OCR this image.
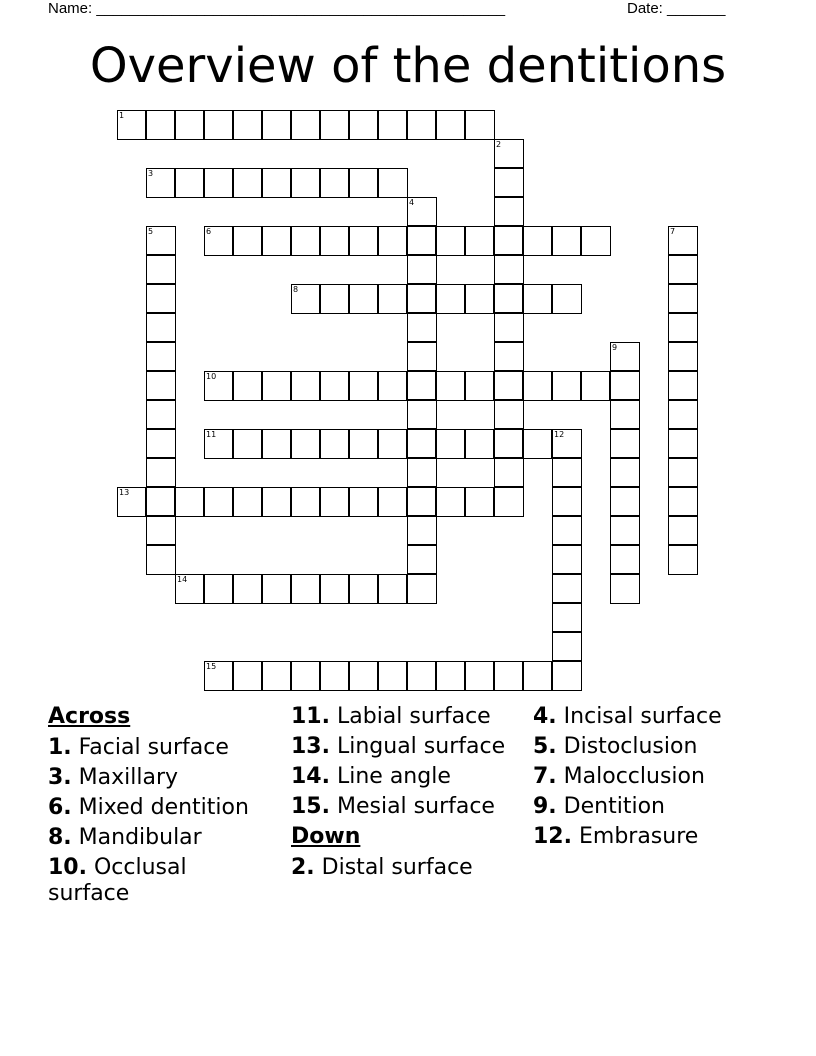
Name: _________________________________________________	Date: _______
Overview of the dentitions
1
2
3
4
5	6	7
8
9
10
11	12
13
14
15
Across
1. Facial surface
3. Maxillary
6. Mixed dentition
8. Mandibular
10. Occlusal surface
11. Labial surface
13. Lingual surface
14. Line angle
15. Mesial surface
Down
2. Distal surface
4. Incisal surface
5. Distoclusion
7. Malocclusion
9. Dentition
12. Embrasure
